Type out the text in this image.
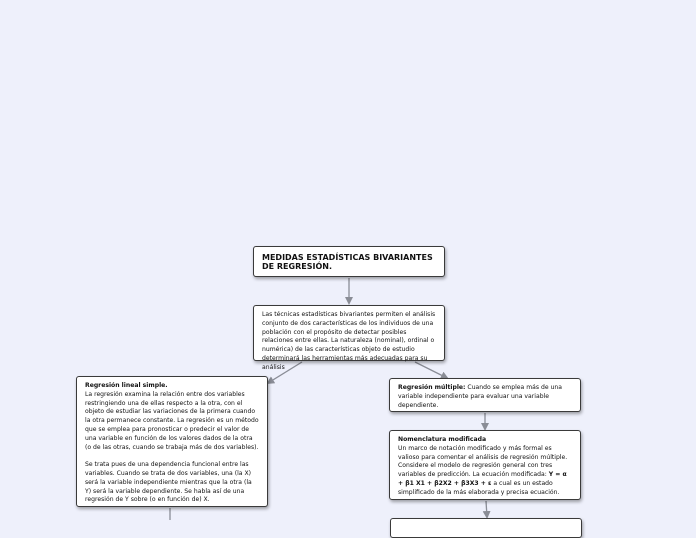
MEDIDAS ESTADÍSTICAS BIVARIANTES DE REGRESIÓN.
Las técnicas estadísticas bivariantes permiten el análisis conjunto de dos características de los individuos de una población con el propósito de detectar posibles relaciones entre ellas. La naturaleza (nominal), ordinal o numérica) de las características objeto de estudio determinará las herramientas más adecuadas para su análisis
Regresión lineal simple.
La regresión examina la relación entre dos variables restringiendo una de ellas respecto a la otra, con el objeto de estudiar las variaciones de la primera cuando la otra permanece constante. La regresión es un método que se emplea para pronosticar o predecir el valor de una variable en función de los valores dados de la otra (o de las otras, cuando se trabaja más de dos variables).
Se trata pues de una dependencia funcional entre las variables. Cuando se trata de dos variables, una (la X) será la variable independiente mientras que la otra (la Y) será la variable dependiente. Se habla así de una regresión de Y sobre (o en función de) X.
Regresión múltiple: Cuando se emplea más de una variable independiente para evaluar una variable dependiente.
Nomenclatura modificada
Un marco de notación modificado y más formal es valioso para comentar el análisis de regresión múltiple. Considere el modelo de regresión general con tres variables de predicción. La ecuación modificada: Y = α + β1 X1 + β2X2 + β3X3 + ε a cual es un estado simplificado de la más elaborada y precisa ecuación.
